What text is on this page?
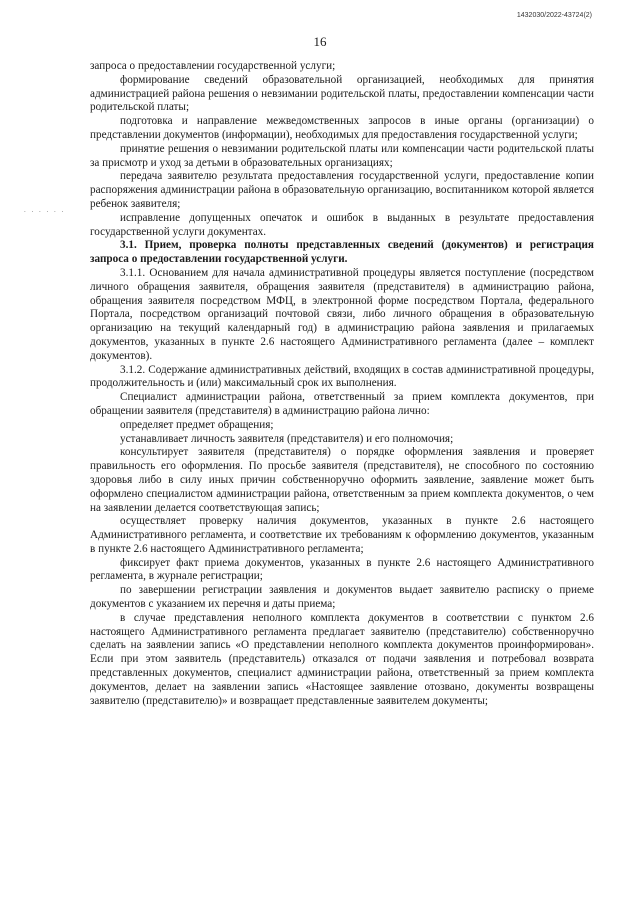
1432030/2022-43724(2)
16
. . . . . .

запроса о предоставлении государственной услуги;

формирование сведений образовательной организацией, необходимых для принятия администрацией района решения о невзимании родительской платы, предоставлении компенсации части родительской платы;

подготовка и направление межведомственных запросов в иные органы (организации) о представлении документов (информации), необходимых для предоставления государственной услуги;

принятие решения о невзимании родительской платы или компенсации части родительской платы за присмотр и уход за детьми в образовательных организациях;

передача заявителю результата предоставления государственной услуги, предоставление копии распоряжения администрации района в образовательную организацию, воспитанником которой является ребенок заявителя;

исправление допущенных опечаток и ошибок в выданных в результате предоставления государственной услуги документах.

3.1. Прием, проверка полноты представленных сведений (документов) и регистрация запроса о предоставлении государственной услуги.

3.1.1. Основанием для начала административной процедуры является поступление (посредством личного обращения заявителя, обращения заявителя (представителя) в администрацию района, обращения заявителя посредством МФЦ, в электронной форме посредством Портала, федерального Портала, посредством организаций почтовой связи, либо личного обращения в образовательную организацию на текущий календарный год) в администрацию района заявления и прилагаемых документов, указанных в пункте 2.6 настоящего Административного регламента (далее – комплект документов).

3.1.2. Содержание административных действий, входящих в состав административной процедуры, продолжительность и (или) максимальный срок их выполнения.

Специалист администрации района, ответственный за прием комплекта документов, при обращении заявителя (представителя) в администрацию района лично:

определяет предмет обращения;

устанавливает личность заявителя (представителя) и его полномочия;

консультирует заявителя (представителя) о порядке оформления заявления и проверяет правильность его оформления. По просьбе заявителя (представителя), не способного по состоянию здоровья либо в силу иных причин собственноручно оформить заявление, заявление может быть оформлено специалистом администрации района, ответственным за прием комплекта документов, о чем на заявлении делается соответствующая запись;

осуществляет проверку наличия документов, указанных в пункте 2.6 настоящего Административного регламента, и соответствие их требованиям к оформлению документов, указанным в пункте 2.6 настоящего Административного регламента;

фиксирует факт приема документов, указанных в пункте 2.6 настоящего Административного регламента, в журнале регистрации;

по завершении регистрации заявления и документов выдает заявителю расписку о приеме документов с указанием их перечня и даты приема;

в случае представления неполного комплекта документов в соответствии с пунктом 2.6 настоящего Административного регламента предлагает заявителю (представителю) собственноручно сделать на заявлении запись «О представлении неполного комплекта документов проинформирован». Если при этом заявитель (представитель) отказался от подачи заявления и потребовал возврата представленных документов, специалист администрации района, ответственный за прием комплекта документов, делает на заявлении запись «Настоящее заявление отозвано, документы возвращены заявителю (представителю)» и возвращает представленные заявителем документы;
